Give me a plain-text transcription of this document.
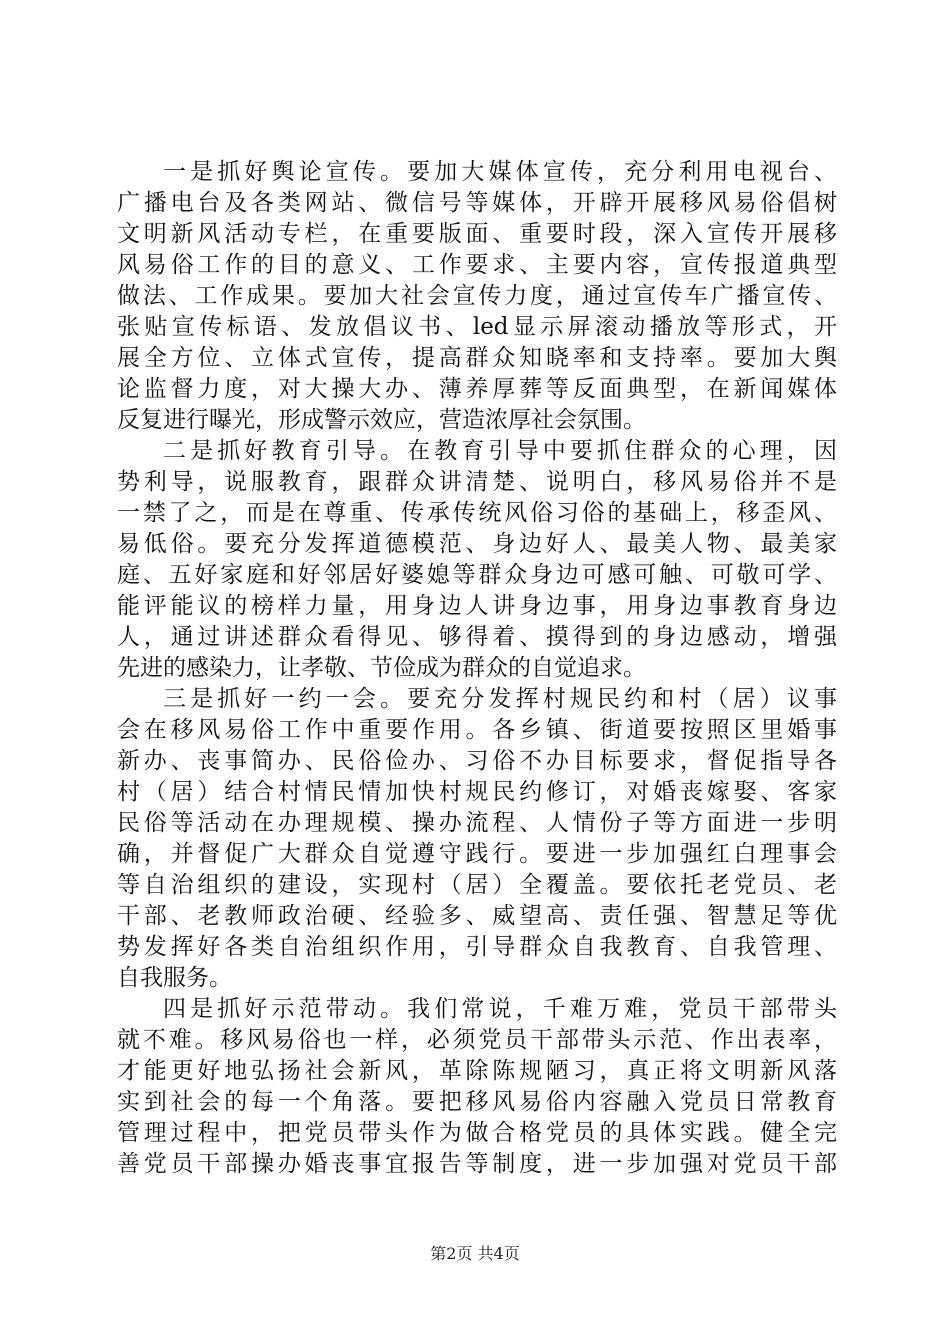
一是抓好舆论宣传。要加大媒体宣传，充分利用电视台、
广播电台及各类网站、微信号等媒体，开辟开展移风易俗倡树
文明新风活动专栏，在重要版面、重要时段，深入宣传开展移
风易俗工作的目的意义、工作要求、主要内容，宣传报道典型
做法、工作成果。要加大社会宣传力度，通过宣传车广播宣传、
张贴宣传标语、发放倡议书、led显示屏滚动播放等形式，开
展全方位、立体式宣传，提高群众知晓率和支持率。要加大舆
论监督力度，对大操大办、薄养厚葬等反面典型，在新闻媒体
反复进行曝光，形成警示效应，营造浓厚社会氛围。
二是抓好教育引导。在教育引导中要抓住群众的心理，因
势利导，说服教育，跟群众讲清楚、说明白，移风易俗并不是
一禁了之，而是在尊重、传承传统风俗习俗的基础上，移歪风、
易低俗。要充分发挥道德模范、身边好人、最美人物、最美家
庭、五好家庭和好邻居好婆媳等群众身边可感可触、可敬可学、
能评能议的榜样力量，用身边人讲身边事，用身边事教育身边
人，通过讲述群众看得见、够得着、摸得到的身边感动，增强
先进的感染力，让孝敬、节俭成为群众的自觉追求。
三是抓好一约一会。要充分发挥村规民约和村（居）议事
会在移风易俗工作中重要作用。各乡镇、街道要按照区里婚事
新办、丧事简办、民俗俭办、习俗不办目标要求，督促指导各
村（居）结合村情民情加快村规民约修订，对婚丧嫁娶、客家
民俗等活动在办理规模、操办流程、人情份子等方面进一步明
确，并督促广大群众自觉遵守践行。要进一步加强红白理事会
等自治组织的建设，实现村（居）全覆盖。要依托老党员、老
干部、老教师政治硬、经验多、威望高、责任强、智慧足等优
势发挥好各类自治组织作用，引导群众自我教育、自我管理、
自我服务。
四是抓好示范带动。我们常说，千难万难，党员干部带头
就不难。移风易俗也一样，必须党员干部带头示范、作出表率，
才能更好地弘扬社会新风，革除陈规陋习，真正将文明新风落
实到社会的每一个角落。要把移风易俗内容融入党员日常教育
管理过程中，把党员带头作为做合格党员的具体实践。健全完
善党员干部操办婚丧事宜报告等制度，进一步加强对党员干部
第2页 共4页
